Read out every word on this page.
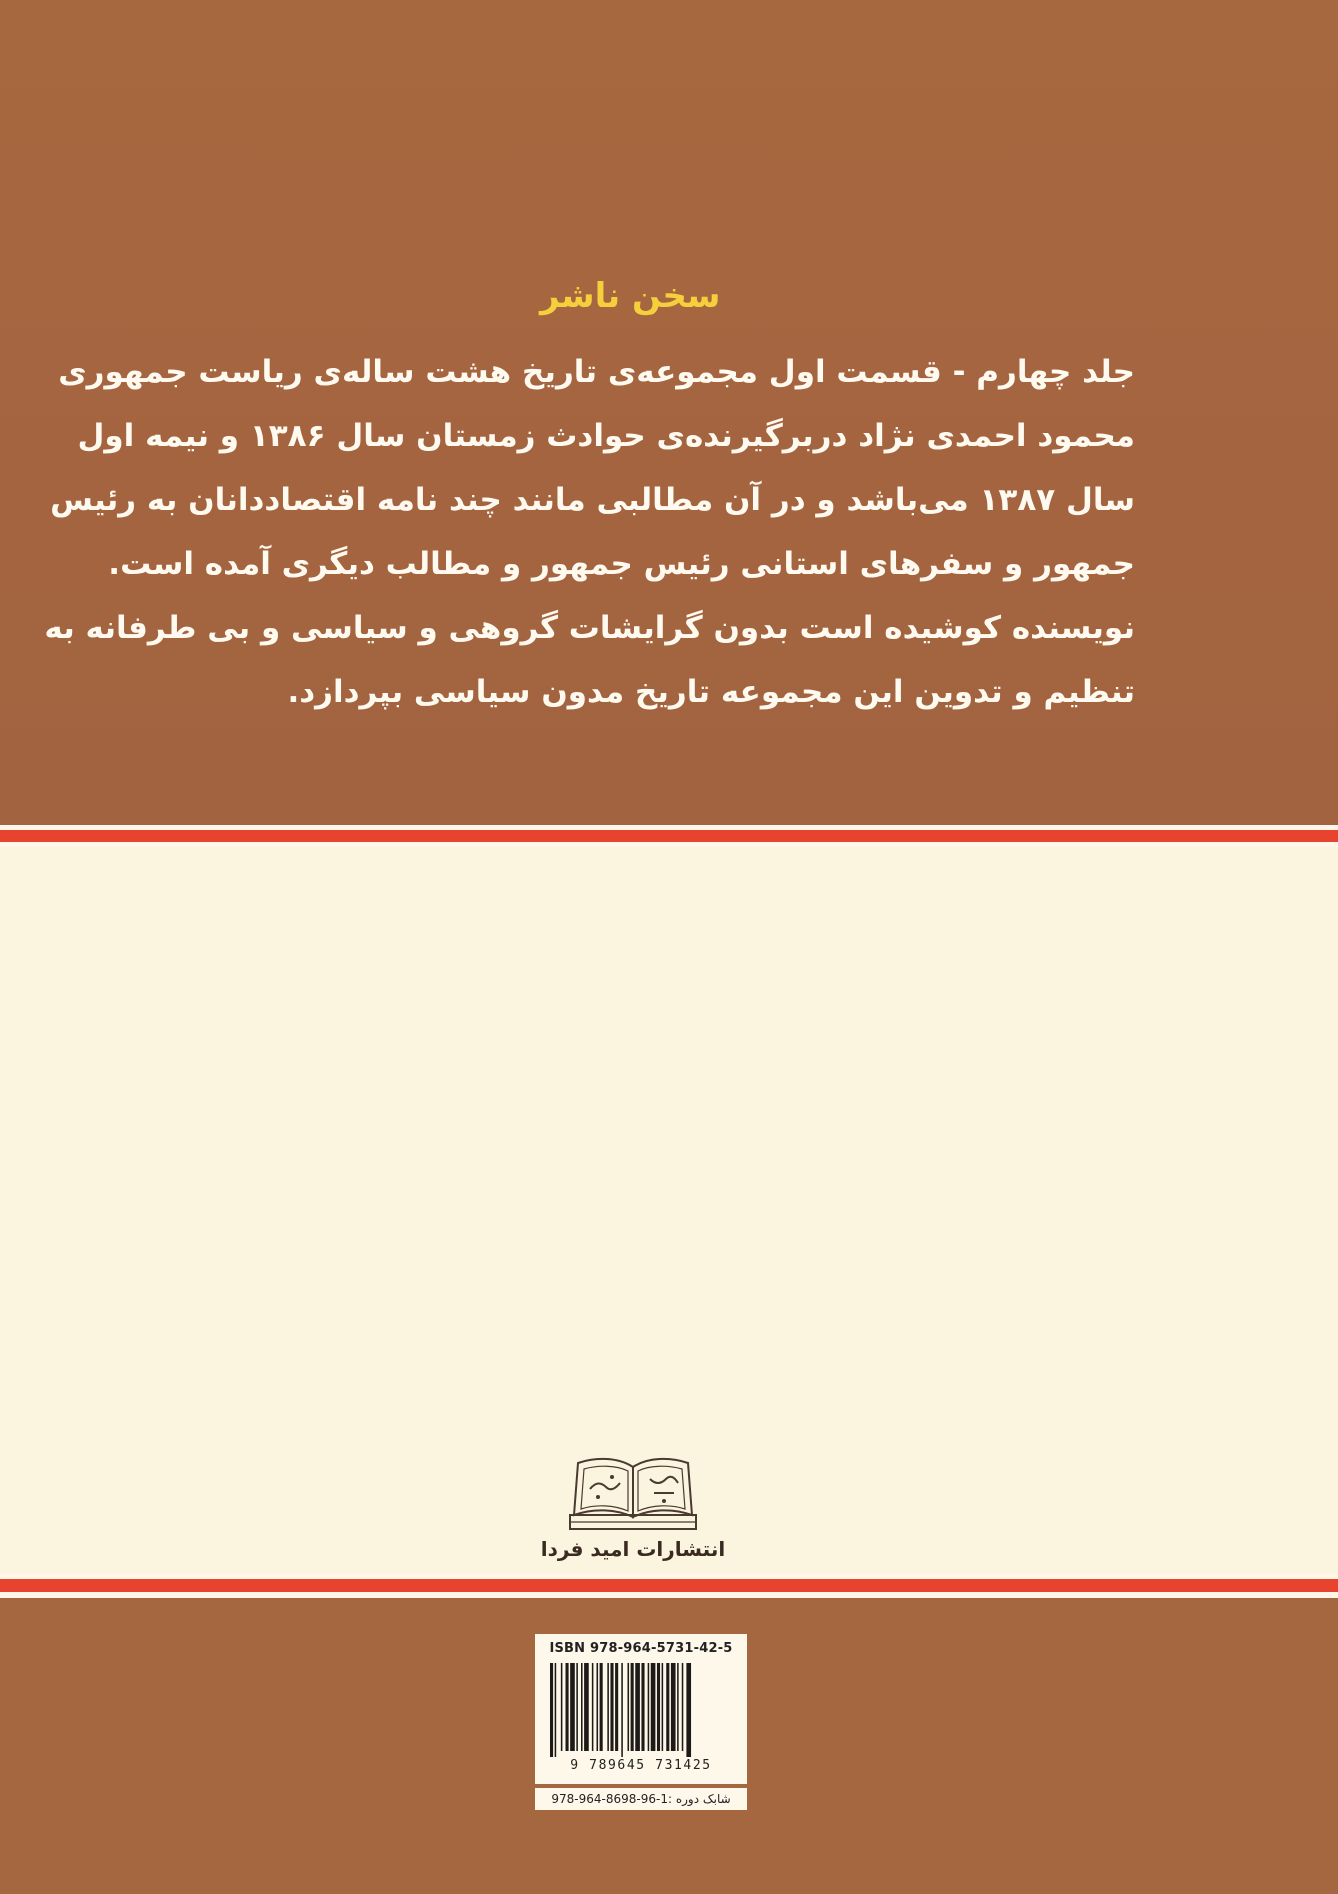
سخن ناشر

جلد چهارم - قسمت اول مجموعه‌ی تاریخ هشت ساله‌ی ریاست جمهوری

محمود احمدی نژاد دربرگیرنده‌ی حوادث زمستان سال ۱۳۸۶ و نیمه اول

سال ۱۳۸۷ می‌باشد و در آن مطالبی مانند چند نامه اقتصاددانان به رئیس

جمهور و سفرهای استانی رئیس جمهور و مطالب دیگری آمده است.

نویسنده کوشیده است بدون گرایشات گروهی و سیاسی و بی طرفانه به

تنظیم و تدوین این مجموعه تاریخ مدون سیاسی بپردازد.

انتشارات امید فردا
ISBN 978-964-5731-42-5
9 789645 731425
شابک دوره :1-96-8698-964-978
